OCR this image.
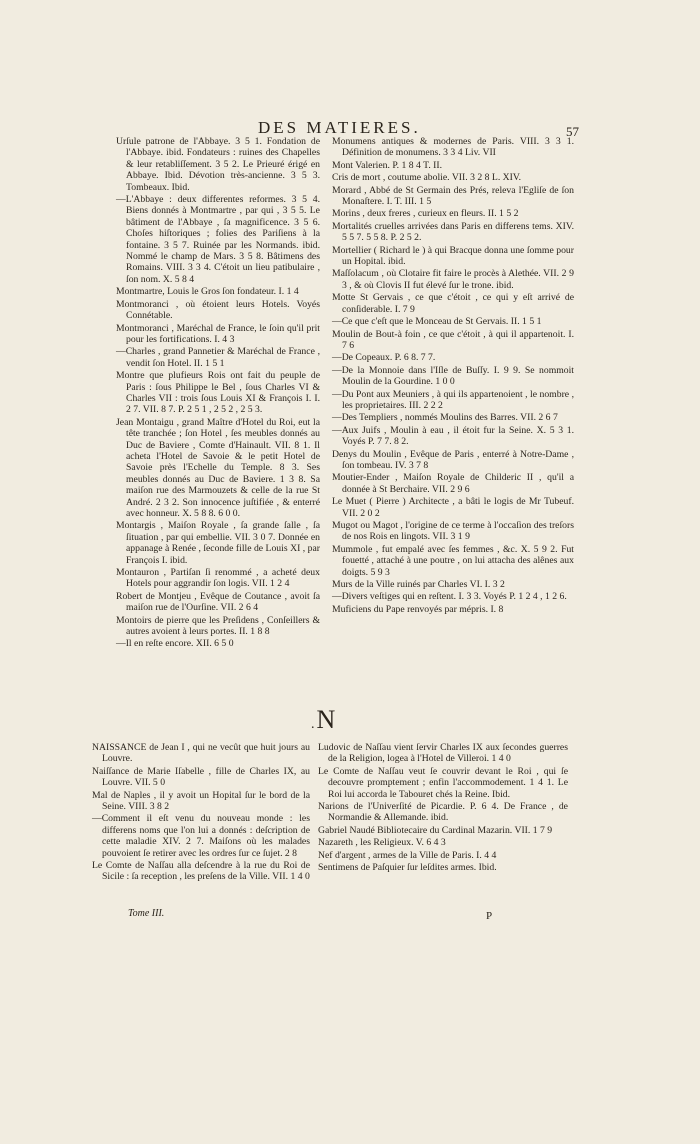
DES MATIERES.	57

Urſule patrone de l'Abbaye. 3 5 1. Fondation de l'Abbaye. ibid. Fondateurs : ruines des Chapelles & leur retabliſſement. 3 5 2. Le Prieuré érigé en Abbaye. Ibid. Dévotion très-ancienne. 3 5 3. Tombeaux. Ibid.

—L'Abbaye : deux differentes reformes. 3 5 4. Biens donnés à Montmartre , par qui , 3 5 5. Le bâtiment de l'Abbaye , ſa magnificence. 3 5 6. Choſes hiſtoriques ; folies des Pariſiens à la fontaine. 3 5 7. Ruinée par les Normands. ibid. Nommé le champ de Mars. 3 5 8. Bâtimens des Romains. VIII. 3 3 4. C'étoit un lieu patibulaire , ſon nom. X. 5 8 4

Montmartre, Louis le Gros ſon fondateur. I. 1 4

Montmoranci , où étoient leurs Hotels. Voyés Connétable.

Montmoranci , Maréchal de France, le ſoin qu'il prit pour les fortifications. I. 4 3

—Charles , grand Pannetier & Maréchal de France , vendit ſon Hotel. II. 1 5 1

Montre que plufieurs Rois ont fait du peuple de Paris : ſous Philippe le Bel , ſous Charles VI & Charles VII : trois ſous Louis XI & François I. I. 2 7. VII. 8 7. P. 2 5 1 , 2 5 2 , 2 5 3.

Jean Montaigu , grand Maître d'Hotel du Roi, eut la tête tranchée ; ſon Hotel , ſes meubles donnés au Duc de Baviere , Comte d'Hainault. VII. 8 1. Il acheta l'Hotel de Savoie & le petit Hotel de Savoie près l'Echelle du Temple. 8 3. Ses meubles donnés au Duc de Baviere. 1 3 8. Sa maiſon rue des Marmouzets & celle de la rue St André. 2 3 2. Son innocence juſtifiée , & enterré avec honneur. X. 5 8 8. 6 0 0.

Montargis , Maiſon Royale , ſa grande ſalle , ſa ſituation , par qui embellie. VII. 3 0 7. Donnée en appanage à Renée , ſeconde fille de Louis XI , par François I. ibid.

Montauron , Partiſan ſi renommé , a acheté deux Hotels pour aggrandir ſon logis. VII. 1 2 4

Robert de Montjeu , Evêque de Coutance , avoit ſa maiſon rue de l'Ourſine. VII. 2 6 4

Montoirs de pierre que les Preſidens , Conſeillers & autres avoient à leurs portes. II. 1 8 8

—Il en reſte encore. XII. 6 5 0

Monumens antiques & modernes de Paris. VIII. 3 3 1. Définition de monumens. 3 3 4 Liv. VII

Mont Valerien. P. 1 8 4 T. II.

Cris de mort , coutume abolie. VII. 3 2 8 L. XIV.

Morard , Abbé de St Germain des Prés, releva l'Egliſe de ſon Monaſtere. I. T. III. 1 5

Morins , deux freres , curieux en fleurs. II. 1 5 2

Mortalités cruelles arrivées dans Paris en differens tems. XIV. 5 5 7. 5 5 8. P. 2 5 2.

Mortellier ( Richard le ) à qui Bracque donna une ſomme pour un Hopital. ibid.

Maſſolacum , où Clotaire fit faire le procès à Alethée. VII. 2 9 3 , & où Clovis II fut élevé ſur le trone. ibid.

Motte St Gervais , ce que c'étoit , ce qui y eſt arrivé de conſiderable. I. 7 9

—Ce que c'eſt que le Monceau de St Gervais. II. 1 5 1

Moulin de Bout-à foin , ce que c'étoit , à qui il appartenoit. I. 7 6

—De Copeaux. P. 6 8. 7 7.

—De la Monnoie dans l'Iſle de Buſſy. I. 9 9. Se nommoit Moulin de la Gourdine. 1 0 0

—Du Pont aux Meuniers , à qui ils appartenoient , le nombre , les proprietaires. III. 2 2 2

—Des Templiers , nommés Moulins des Barres. VII. 2 6 7

—Aux Juifs , Moulin à eau , il étoit fur la Seine. X. 5 3 1. Voyés P. 7 7. 8 2.

Denys du Moulin , Evêque de Paris , enterré à Notre-Dame , ſon tombeau. IV. 3 7 8

Moutier-Ender , Maiſon Royale de Childeric II , qu'il a donnée à St Berchaire. VII. 2 9 6

Le Muet ( Pierre ) Architecte , a bâti le logis de Mr Tubeuf. VII. 2 0 2

Mugot ou Magot , l'origine de ce terme à l'occaſion des treſors de nos Rois en lingots. VII. 3 1 9

Mummole , fut empalé avec ſes femmes , &c. X. 5 9 2. Fut fouetté , attaché à une poutre , on lui attacha des alênes aux doigts. 5 9 3

Murs de la Ville ruinés par Charles VI. I. 3 2

—Divers veſtiges qui en reſtent. I. 3 3. Voyés P. 1 2 4 , 1 2 6.

Muficiens du Pape renvoyés par mépris. I. 8

.N

NAISSANCE de Jean I , qui ne vecût que huit jours au Louvre.

Naiſſance de Marie Iſabelle , fille de Charles IX, au Louvre. VII. 5 0

Mal de Naples , il y avoit un Hopital ſur le bord de la Seine. VIII. 3 8 2

—Comment il eſt venu du nouveau monde : les differens noms que l'on lui a donnés : deſcription de cette maladie XIV. 2 7. Maiſons où les malades pouvoient ſe retirer avec les ordres ſur ce ſujet. 2 8

Le Comte de Naſſau alla deſcendre à la rue du Roi de Sicile : ſa reception , les preſens de la Ville. VII. 1 4 0

Ludovic de Naſſau vient ſervir Charles IX aux ſecondes guerres de la Religion, logea à l'Hotel de Villeroi. 1 4 0

Le Comte de Naſſau veut ſe couvrir devant le Roi , qui ſe decouvre promptement ; enfin l'accommodement. 1 4 1. Le Roi lui accorda le Tabouret chés la Reine. Ibid.

Narions de l'Univerſité de Picardie. P. 6 4. De France , de Normandie & Allemande. ibid.

Gabriel Naudé Bibliotecaire du Cardinal Mazarin. VII. 1 7 9

Nazareth , les Religieux. V. 6 4 3

Nef d'argent , armes de la Ville de Paris. I. 4 4

Sentimens de Paſquier ſur leſdites armes. Ibid.

Tome III.	P
